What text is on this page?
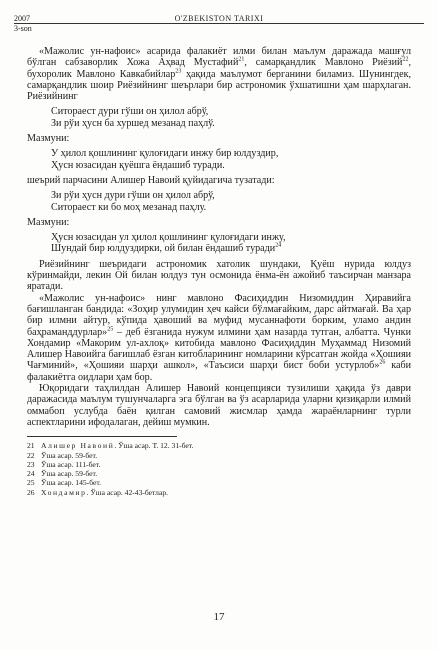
2007	O'ZBEKISTON TARIXI
3-son

«Мажолис ун-нафоис» асарида фалакиёт илми билан маълум даражада машғул бўлган сабзаворлик Хожа Аҳвад Мустафий$^{21}$, самарқандлик Мавлоно Риёзий$^{22}$, бухоролик Мавлоно Кавкабийлар$^{23}$ ҳақида маълумот берганини биламиз. Шунингдек, самарқандлик шоир Риёзийнинг шеърлари бир астрономик ўхшатишни ҳам шарҳлаган. Риёзийнинг

Ситораест дури гўши он ҳилол абрў,
Зи рўи ҳусн ба хуршед мезанад паҳлў.
Мазмуни:
У ҳилол қошлининг қулоғидаги инжу бир юлдуздир,
Ҳусн юзасидан қуёшга ёндашиб туради.

шеърий парчасини Алишер Навоий қуйидагича тузатади:

Зи рўи ҳусн дури гўши он ҳилол абрў,
Ситораест ки бо моҳ мезанад паҳлу.
Мазмуни:
Ҳусн юзасидан ул ҳилол қошлининг қулоғидаги инжу,
Шундай бир юлдуздирки, ой билан ёндашиб туради$^{24}$

Риёзийнинг шеъридаги астрономик хатолик шундаки, Қуёш нурида юлдуз кўринмайди, лекин Ой билан юлдуз тун осмонида ёнма-ён ажойиб таъсирчан манзара яратади.

«Мажолис ун-нафоис» нинг мавлоно Фасиҳиддин Низомиддин Ҳиравийга бағишланган бандида: «Зоҳир улумидин ҳеч кайси бўлмағайким, дарс айтмағай. Ва ҳар бир илмни айтур, кўпида ҳавоший ва муфид мусаннафоти борким, уламо андин баҳраманддурлар»$^{25}$ – деб ёзганида нужум илмини ҳам назарда тутган, албатта. Чунки Хондамир «Макорим ул-ахлоқ» китобида мавлоно Фасиҳиддин Муҳаммад Низомий Алишер Навоийга бағишлаб ёзган китобларининг номларини кўрсатган жойда «Ҳошияи Чағминий», «Ҳошияи шарҳи ашкол», «Таъсиси шарҳи бист боби устурлоб»$^{26}$ каби фалакиётга оидлари ҳам бор.

Юқоридаги таҳлилдан Алишер Навоий концепцияси тузилиши ҳақида ўз даври даражасида маълум тушунчаларга эга бўлган ва ўз асарларида уларни қизиқарли илмий оммабоп услубда баён қилган самовий жисмлар ҳамда жараёнларнинг турли аспектларини ифодалаган, дейиш мумкин.

21 Алишер Навоий. Ўша асар. Т. 12. 31-бет.

22 Ўша асар. 59-бет.

23 Ўша асар. 111-бет.

24 Ўша асар. 59-бет.

25 Ўша асар. 145-бет.

26 Хондамир. Ўша асар. 42-43-бетлар.

17
